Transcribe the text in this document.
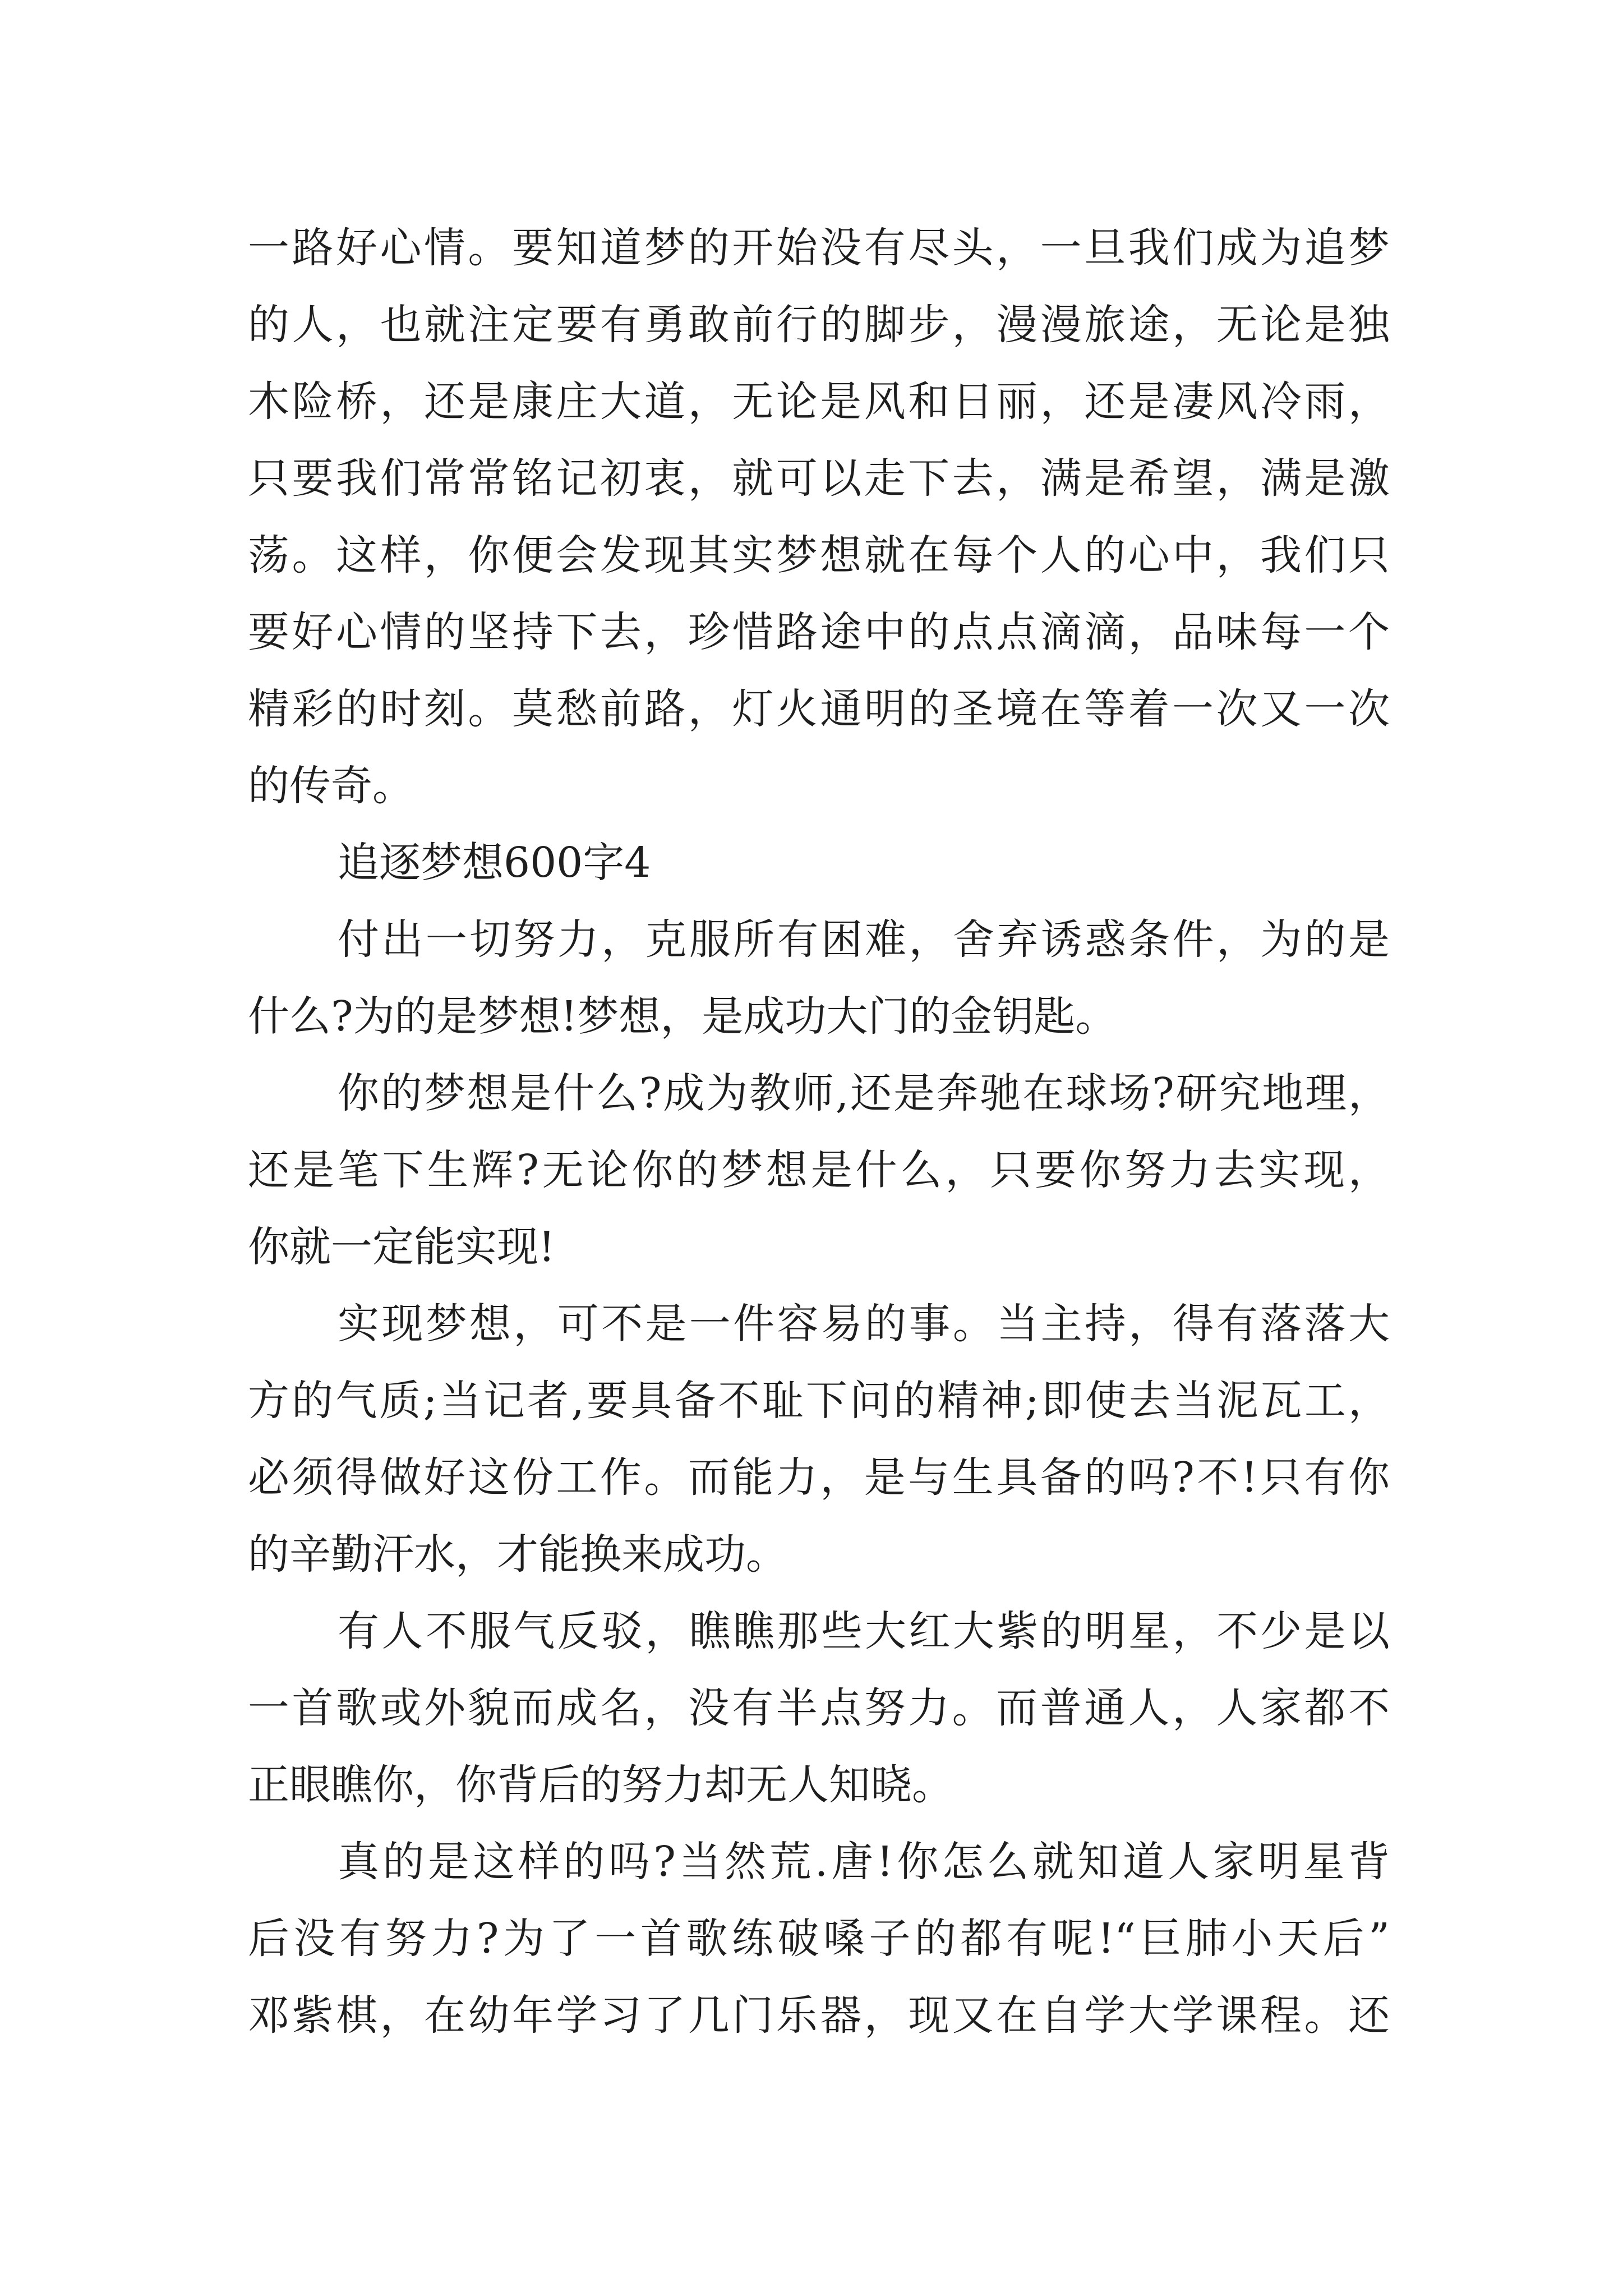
一路好心情。要知道梦的开始没有尽头，一旦我们成为追梦
的人，也就注定要有勇敢前行的脚步，漫漫旅途，无论是独
木险桥，还是康庄大道，无论是风和日丽，还是凄风冷雨，
只要我们常常铭记初衷，就可以走下去，满是希望，满是激
荡。这样，你便会发现其实梦想就在每个人的心中，我们只
要好心情的坚持下去，珍惜路途中的点点滴滴，品味每一个
精彩的时刻。莫愁前路，灯火通明的圣境在等着一次又一次
的传奇。
追逐梦想600字4
付出一切努力，克服所有困难，舍弃诱惑条件，为的是
什么?为的是梦想!梦想，是成功大门的金钥匙。
你的梦想是什么?成为教师,还是奔驰在球场?研究地理，
还是笔下生辉?无论你的梦想是什么，只要你努力去实现，
你就一定能实现!
实现梦想，可不是一件容易的事。当主持，得有落落大
方的气质;当记者,要具备不耻下问的精神;即使去当泥瓦工，
必须得做好这份工作。而能力，是与生具备的吗?不!只有你
的辛勤汗水，才能换来成功。
有人不服气反驳，瞧瞧那些大红大紫的明星，不少是以
一首歌或外貌而成名，没有半点努力。而普通人，人家都不
正眼瞧你，你背后的努力却无人知晓。
真的是这样的吗?当然荒.唐!你怎么就知道人家明星背
后没有努力?为了一首歌练破嗓子的都有呢!“巨肺小天后”
邓紫棋，在幼年学习了几门乐器，现又在自学大学课程。还
